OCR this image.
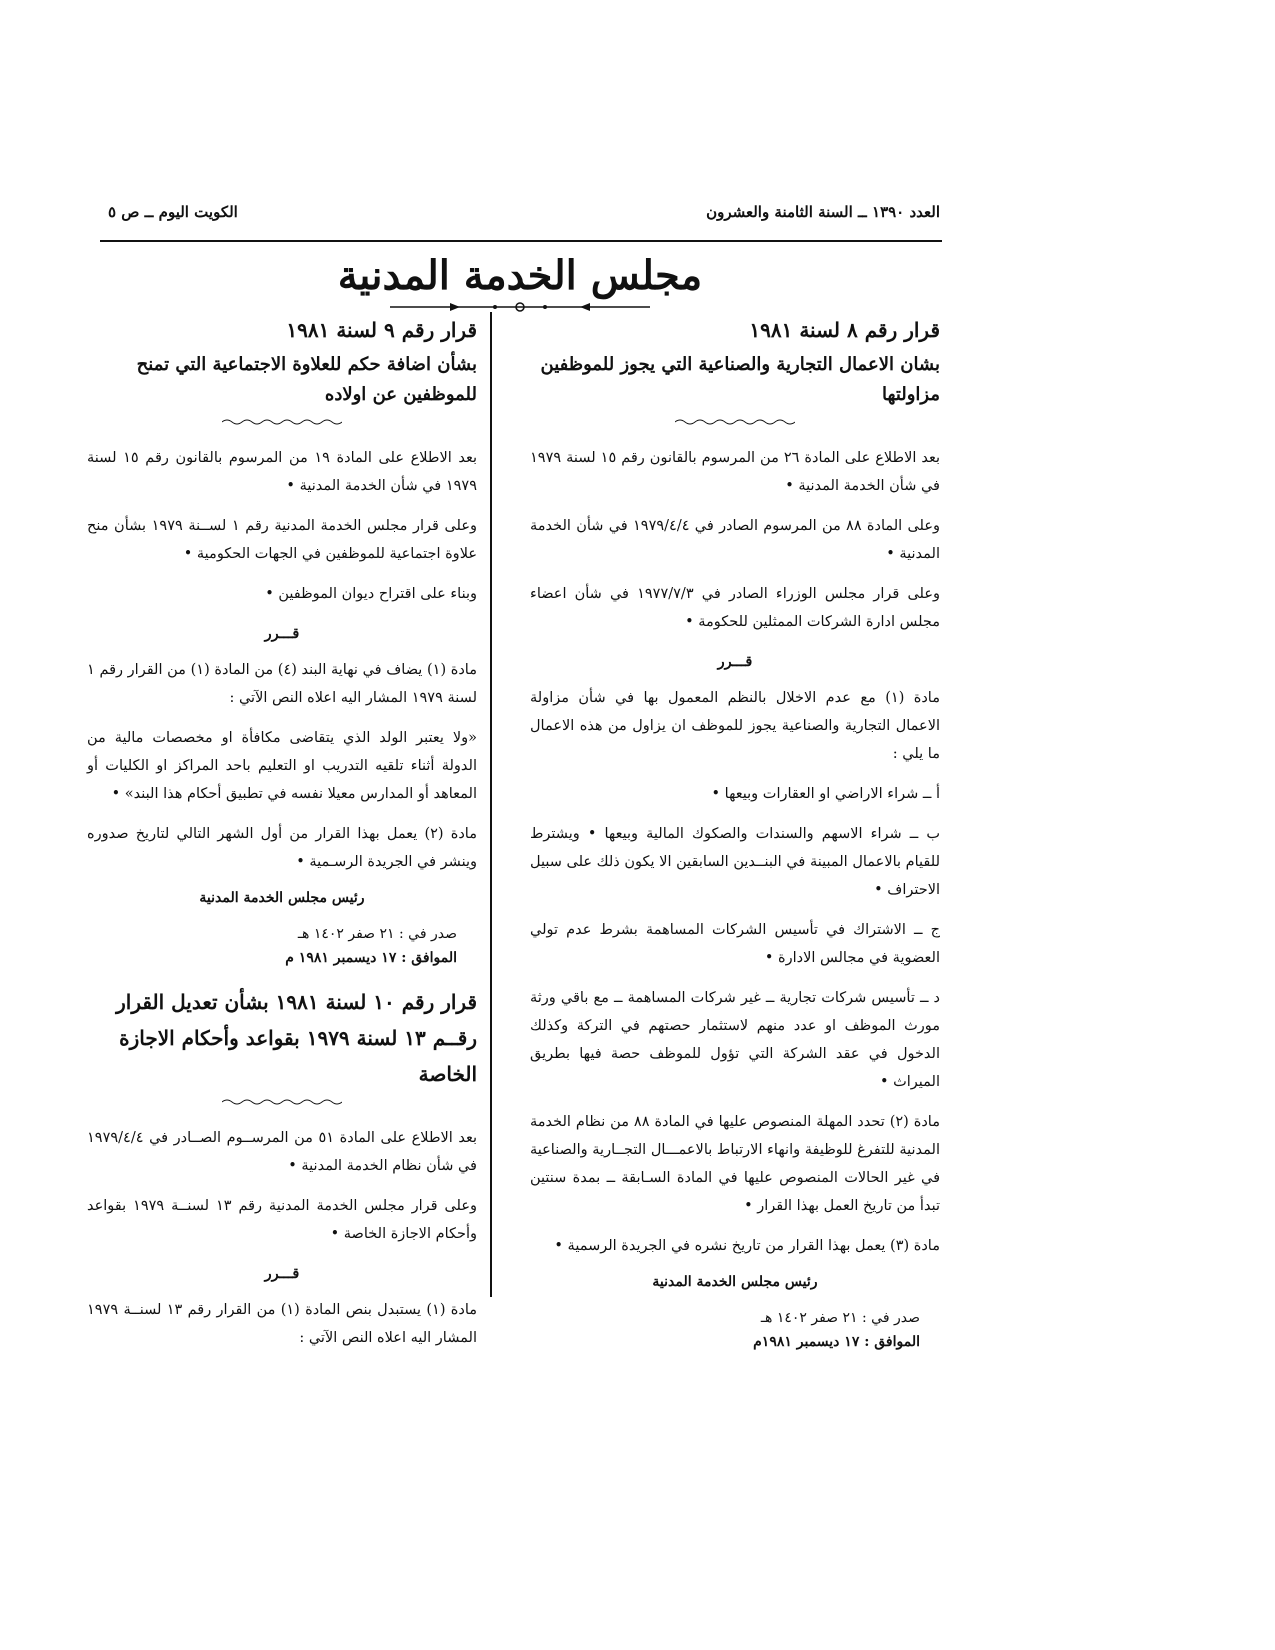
العدد ١٣٩٠ ــ السنة الثامنة والعشرون
الكويت اليوم ــ ص ٥
مجلس الخدمة المدنية
قرار رقم ٨ لسنة ١٩٨١
بشان الاعمال التجارية والصناعية التي يجوز للموظفين مزاولتها

بعد الاطلاع على المادة ٢٦ من المرسوم بالقانون رقم ١٥ لسنة ١٩٧٩ في شأن الخدمة المدنية •

وعلى المادة ٨٨ من المرسوم الصادر في ١٩٧٩/٤/٤ في شأن الخدمة المدنية •

وعلى قرار مجلس الوزراء الصادر في ١٩٧٧/٧/٣ في شأن اعضاء مجلس ادارة الشركات الممثلين للحكومة •

قـــرر

مادة (١) مع عدم الاخلال بالنظم المعمول بها في شأن مزاولة الاعمال التجارية والصناعية يجوز للموظف ان يزاول من هذه الاعمال ما يلي :

أ ــ شراء الاراضي او العقارات وبيعها •

ب ــ شراء الاسهم والسندات والصكوك المالية وبيعها • ويشترط للقيام بالاعمال المبينة في البنــدين السابقين الا يكون ذلك على سبيل الاحتراف •

ج ــ الاشتراك في تأسيس الشركات المساهمة بشرط عدم تولي العضوية في مجالس الادارة •

د ــ تأسيس شركات تجارية ــ غير شركات المساهمة ــ مع باقي ورثة مورث الموظف او عدد منهم لاستثمار حصتهم في التركة وكذلك الدخول في عقد الشركة التي تؤول للموظف حصة فيها بطريق الميراث •

مادة (٢) تحدد المهلة المنصوص عليها في المادة ٨٨ من نظام الخدمة المدنية للتفرغ للوظيفة وانهاء الارتباط بالاعمـــال التجــارية والصناعية في غير الحالات المنصوص عليها في المادة السـابقة ــ بمدة سنتين تبدأ من تاريخ العمل بهذا القرار •

مادة (٣) يعمل بهذا القرار من تاريخ نشره في الجريدة الرسمية •

رئيس مجلس الخدمة المدنية

صدر في : ٢١ صفر ١٤٠٢ هـ

الموافق : ١٧ ديسمبر ١٩٨١م

قرار رقم ٩ لسنة ١٩٨١
بشأن اضافة حكم للعلاوة الاجتماعية التي تمنح للموظفين عن اولاده

بعد الاطلاع على المادة ١٩ من المرسوم بالقانون رقم ١٥ لسنة ١٩٧٩ في شأن الخدمة المدنية •

وعلى قرار مجلس الخدمة المدنية رقم ١ لســنة ١٩٧٩ بشأن منح علاوة اجتماعية للموظفين في الجهات الحكومية •

وبناء على اقتراح ديوان الموظفين •

قـــرر

مادة (١) يضاف في نهاية البند (٤) من المادة (١) من القرار رقم ١ لسنة ١٩٧٩ المشار اليه اعلاه النص الآتي :

«ولا يعتبر الولد الذي يتقاضى مكافأة او مخصصات مالية من الدولة أثناء تلقيه التدريب او التعليم باحد المراكز او الكليات أو المعاهد أو المدارس معيلا نفسه في تطبيق أحكام هذا البند» •

مادة (٢) يعمل بهذا القرار من أول الشهر التالي لتاريخ صدوره وينشر في الجريدة الرسـمية •

رئيس مجلس الخدمة المدنية

صدر في : ٢١ صفر ١٤٠٢ هـ

الموافق : ١٧ ديسمبر ١٩٨١ م

قرار رقم ١٠ لسنة ١٩٨١ بشأن تعديل القرار رقــم ١٣ لسنة ١٩٧٩ بقواعد وأحكام الاجازة الخاصة

بعد الاطلاع على المادة ٥١ من المرســوم الصــادر في ١٩٧٩/٤/٤ في شأن نظام الخدمة المدنية •

وعلى قرار مجلس الخدمة المدنية رقم ١٣ لسنــة ١٩٧٩ بقواعد وأحكام الاجازة الخاصة •

قـــرر

مادة (١) يستبدل بنص المادة (١) من القرار رقم ١٣ لسنــة ١٩٧٩ المشار اليه اعلاه النص الآتي :
